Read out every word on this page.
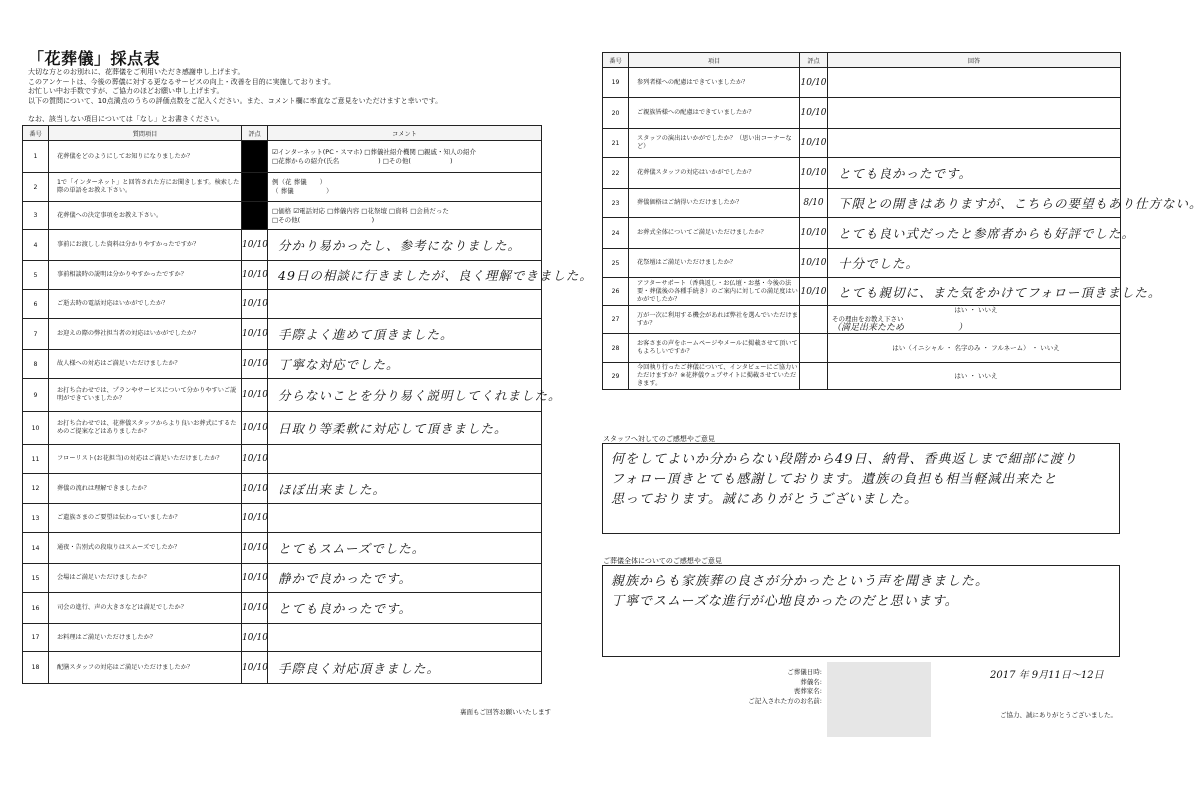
「花葬儀」採点表
大切な方とのお別れに、花葬儀をご利用いただき感謝申し上げます。
このアンケートは、今後の葬儀に対する更なるサービスの向上・改善を目的に実施しております。
お忙しい中お手数ですが、ご協力のほどお願い申し上げます。
以下の質問について、10点満点のうちの評価点数をご記入ください。また、コメント欄に率直なご意見をいただけますと幸いです。
なお、該当しない項目については「なし」とお書きください。
番号	質問項目	評点	コメント
1	花葬儀をどのようにしてお知りになりましたか？		☑インターネット(PC・スマホ) □葬儀社紹介機関 □親戚・知人の紹介
□花葬からの紹介(氏名　　　　　　) □その他(　　　　　　)

2	1で「インターネット」と回答された方にお聞きします。検索した際の単語をお教え下さい。		例（花 葬儀　　）
（ 葬儀　　　　　）

3	花葬儀への決定事項をお教え下さい。		□価格 ☑電話対応 □葬儀内容 □花祭壇 □資料 □会員だった
□その他(　　　　　　　　　　　)

4	事前にお渡しした資料は分かりやすかったですか？	10/10	分かり易かったし、参考になりました。
5	事前相談時の説明は分かりやすかったですか？	10/10	49日の相談に行きましたが、良く理解できました。
6	ご逝去時の電話対応はいかがでしたか？	10/10	
7	お迎えの際の弊社担当者の対応はいかがでしたか？	10/10	手際よく進めて頂きました。
8	故人様への対応はご満足いただけましたか？	10/10	丁寧な対応でした。
9	お打ち合わせでは、プランやサービスについて分かりやすいご説明ができていましたか？	10/10	分らないことを分り易く説明してくれました。
10	お打ち合わせでは、花葬儀スタッフからより良いお葬式にするためのご提案などはありましたか？	10/10	日取り等柔軟に対応して頂きました。
11	フローリスト(お花担当)の対応はご満足いただけましたか？	10/10	
12	葬儀の流れは理解できましたか？	10/10	ほぼ出来ました。
13	ご遺族さまのご要望は伝わっていましたか？	10/10	
14	通夜・告別式の段取りはスムーズでしたか？	10/10	とてもスムーズでした。
15	会場はご満足いただけましたか？	10/10	静かで良かったです。
16	司会の進行、声の大きさなどは満足でしたか？	10/10	とても良かったです。
17	お料理はご満足いただけましたか？	10/10	
18	配膳スタッフの対応はご満足いただけましたか？	10/10	手際良く対応頂きました。
裏面もご回答お願いいたします
番号	項目	評点	回答
19	参列者様への配慮はできていましたか？	10/10	
20	ご親族皆様への配慮はできていましたか？	10/10	
21	スタッフの演出はいかがでしたか？（思い出コーナーなど）	10/10	
22	花葬儀スタッフの対応はいかがでしたか？	10/10	とても良かったです。
23	葬儀価格はご納得いただけましたか？	8/10	下限との開きはありますが、こちらの要望もあり仕方ない。
24	お葬式全体についてご満足いただけましたか？	10/10	とても良い式だったと参席者からも好評でした。
25	花祭壇はご満足いただけましたか？	10/10	十分でした。
26	アフターサポート（香典返し・お仏壇・お墓・今後の法要・葬儀後の各種手続き）のご案内に対しての満足度はいかがでしたか？	10/10	とても親切に、また気をかけてフォロー頂きました。
27	万が一次に利用する機会があれば弊社を選んでいただけますか？		はい ・ いいえ
その理由をお教え下さい
（満足出来たため　　　　　　）

28	お客さまの声をホームページやメールに掲載させて頂いてもよろしいですか？		はい（イニシャル ・ 名字のみ ・ フルネーム） ・ いいえ

29	今回執り行ったご葬儀について、インタビューにご協力いただけますか？※花葬儀ウェブサイトに掲載させていただきます。		はい ・ いいえ
スタッフへ対してのご感想やご意見
何をしてよいか分からない段階から49日、納骨、香典返しまで細部に渡り
フォロー頂きとても感謝しております。遺族の負担も相当軽減出来たと
思っております。誠にありがとうございました。
ご葬儀全体についてのご感想やご意見
親族からも家族葬の良さが分かったという声を聞きました。
丁寧でスムーズな進行が心地良かったのだと思います。
ご葬儀日時:
葬儀名:
喪葬家名:
ご記入された方のお名前:
2017 年 9月11日〜12日
ご協力、誠にありがとうございました。
